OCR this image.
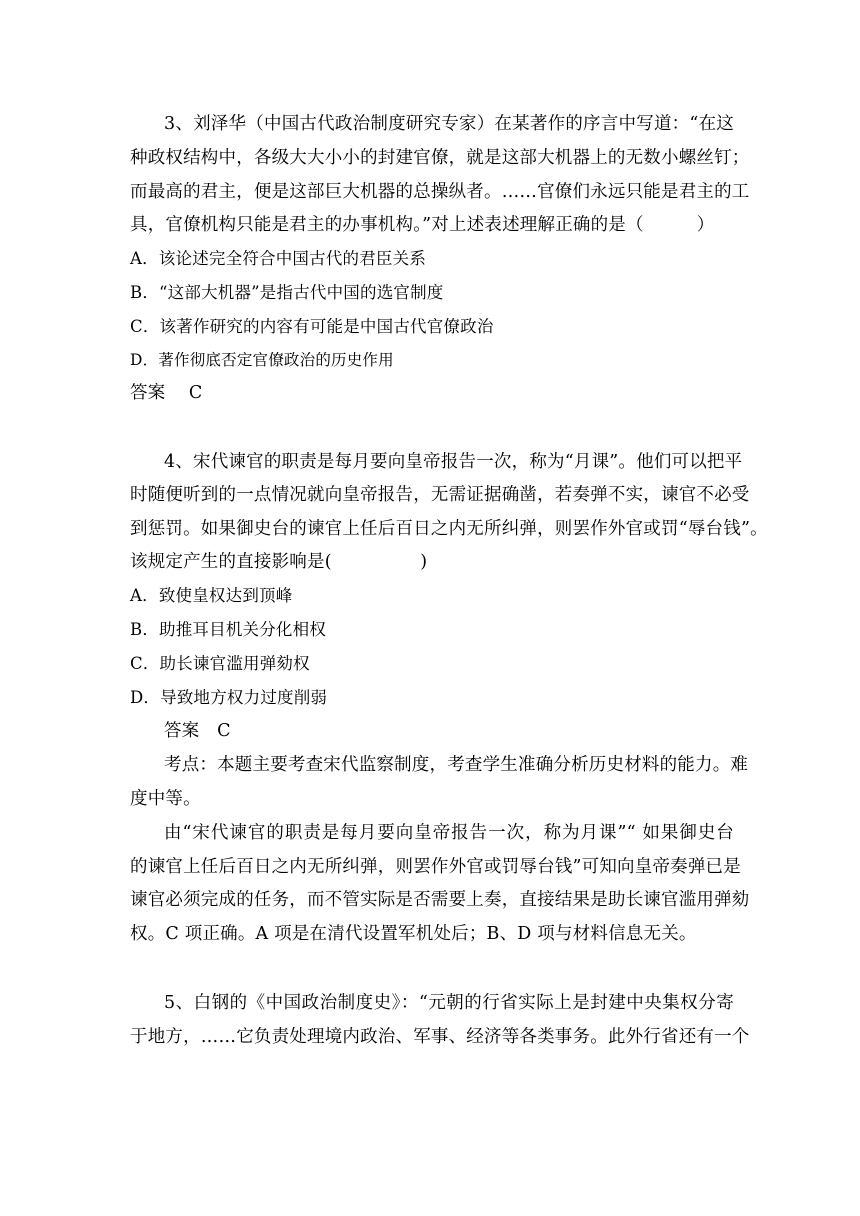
3、刘泽华（中国古代政治制度研究专家）在某著作的序言中写道：“在这
种政权结构中，各级大大小小的封建官僚，就是这部大机器上的无数小螺丝钉；
而最高的君主，便是这部巨大机器的总操纵者。……官僚们永远只能是君主的工
具，官僚机构只能是君主的办事机构。”对上述表述理解正确的是（　　　）
A．该论述完全符合中国古代的君臣关系
B．“这部大机器”是指古代中国的选官制度
C．该著作研究的内容有可能是中国古代官僚政治
D．著作彻底否定官僚政治的历史作用
答案　 C
4、宋代谏官的职责是每月要向皇帝报告一次，称为“月课”。他们可以把平
时随便听到的一点情况就向皇帝报告，无需证据确凿，若奏弹不实，谏官不必受
到惩罚。如果御史台的谏官上任后百日之内无所纠弹，则罢作外官或罚“辱台钱”。
该规定产生的直接影响是(　　　　　)
A．致使皇权达到顶峰
B．助推耳目机关分化相权
C．助长谏官滥用弹劾权
D．导致地方权力过度削弱
答案　C
考点：本题主要考查宋代监察制度，考查学生准确分析历史材料的能力。难
度中等。
由“宋代谏官的职责是每月要向皇帝报告一次，称为月课”“ 如果御史台
的谏官上任后百日之内无所纠弹，则罢作外官或罚辱台钱”可知向皇帝奏弹已是
谏官必须完成的任务，而不管实际是否需要上奏，直接结果是助长谏官滥用弹劾
权。C 项正确。A 项是在清代设置军机处后；B、D 项与材料信息无关。
5、白钢的《中国政治制度史》：“元朝的行省实际上是封建中央集权分寄
于地方，……它负责处理境内政治、军事、经济等各类事务。此外行省还有一个
